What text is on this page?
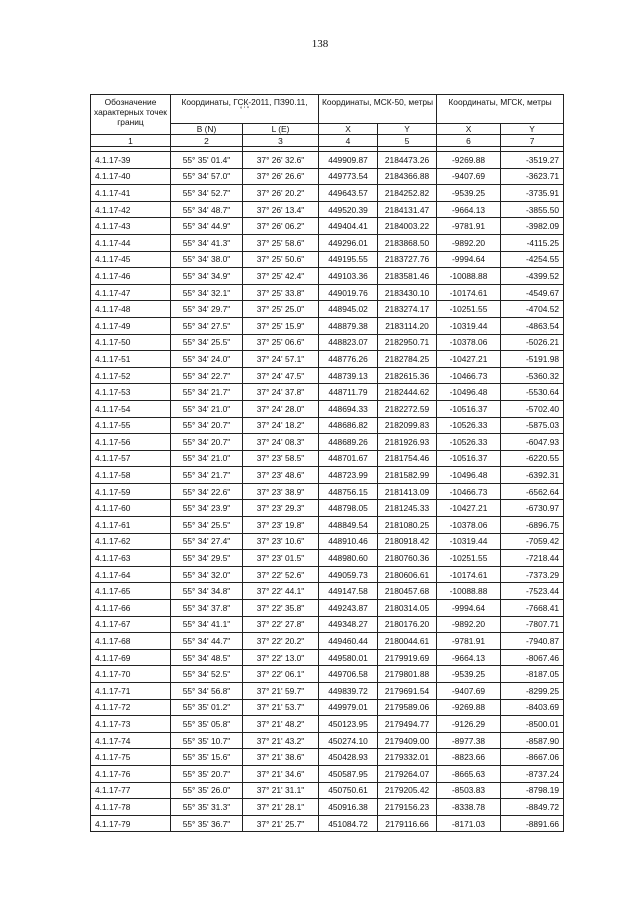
138
Обозначение характерных точек границ	Координаты, ГСК-2011, ПЗ90.11,
° ' "		Координаты, МСК-50, метры		Координаты, МГСК, метры	
	B (N)	L (E)	X	Y	X	Y
1	2	3	4	5	6	7

4.1.17-39	55° 35' 01.4"	37° 26' 32.6"	449909.87	2184473.26	-9269.88	-3519.27
4.1.17-40	55° 34' 57.0"	37° 26' 26.6"	449773.54	2184366.88	-9407.69	-3623.71
4.1.17-41	55° 34' 52.7"	37° 26' 20.2"	449643.57	2184252.82	-9539.25	-3735.91
4.1.17-42	55° 34' 48.7"	37° 26' 13.4"	449520.39	2184131.47	-9664.13	-3855.50
4.1.17-43	55° 34' 44.9"	37° 26' 06.2"	449404.41	2184003.22	-9781.91	-3982.09
4.1.17-44	55° 34' 41.3"	37° 25' 58.6"	449296.01	2183868.50	-9892.20	-4115.25
4.1.17-45	55° 34' 38.0"	37° 25' 50.6"	449195.55	2183727.76	-9994.64	-4254.55
4.1.17-46	55° 34' 34.9"	37° 25' 42.4"	449103.36	2183581.46	-10088.88	-4399.52
4.1.17-47	55° 34' 32.1"	37° 25' 33.8"	449019.76	2183430.10	-10174.61	-4549.67
4.1.17-48	55° 34' 29.7"	37° 25' 25.0"	448945.02	2183274.17	-10251.55	-4704.52
4.1.17-49	55° 34' 27.5"	37° 25' 15.9"	448879.38	2183114.20	-10319.44	-4863.54
4.1.17-50	55° 34' 25.5"	37° 25' 06.6"	448823.07	2182950.71	-10378.06	-5026.21
4.1.17-51	55° 34' 24.0"	37° 24' 57.1"	448776.26	2182784.25	-10427.21	-5191.98
4.1.17-52	55° 34' 22.7"	37° 24' 47.5"	448739.13	2182615.36	-10466.73	-5360.32
4.1.17-53	55° 34' 21.7"	37° 24' 37.8"	448711.79	2182444.62	-10496.48	-5530.64
4.1.17-54	55° 34' 21.0"	37° 24' 28.0"	448694.33	2182272.59	-10516.37	-5702.40
4.1.17-55	55° 34' 20.7"	37° 24' 18.2"	448686.82	2182099.83	-10526.33	-5875.03
4.1.17-56	55° 34' 20.7"	37° 24' 08.3"	448689.26	2181926.93	-10526.33	-6047.93
4.1.17-57	55° 34' 21.0"	37° 23' 58.5"	448701.67	2181754.46	-10516.37	-6220.55
4.1.17-58	55° 34' 21.7"	37° 23' 48.6"	448723.99	2181582.99	-10496.48	-6392.31
4.1.17-59	55° 34' 22.6"	37° 23' 38.9"	448756.15	2181413.09	-10466.73	-6562.64
4.1.17-60	55° 34' 23.9"	37° 23' 29.3"	448798.05	2181245.33	-10427.21	-6730.97
4.1.17-61	55° 34' 25.5"	37° 23' 19.8"	448849.54	2181080.25	-10378.06	-6896.75
4.1.17-62	55° 34' 27.4"	37° 23' 10.6"	448910.46	2180918.42	-10319.44	-7059.42
4.1.17-63	55° 34' 29.5"	37° 23' 01.5"	448980.60	2180760.36	-10251.55	-7218.44
4.1.17-64	55° 34' 32.0"	37° 22' 52.6"	449059.73	2180606.61	-10174.61	-7373.29
4.1.17-65	55° 34' 34.8"	37° 22' 44.1"	449147.58	2180457.68	-10088.88	-7523.44
4.1.17-66	55° 34' 37.8"	37° 22' 35.8"	449243.87	2180314.05	-9994.64	-7668.41
4.1.17-67	55° 34' 41.1"	37° 22' 27.8"	449348.27	2180176.20	-9892.20	-7807.71
4.1.17-68	55° 34' 44.7"	37° 22' 20.2"	449460.44	2180044.61	-9781.91	-7940.87
4.1.17-69	55° 34' 48.5"	37° 22' 13.0"	449580.01	2179919.69	-9664.13	-8067.46
4.1.17-70	55° 34' 52.5"	37° 22' 06.1"	449706.58	2179801.88	-9539.25	-8187.05
4.1.17-71	55° 34' 56.8"	37° 21' 59.7"	449839.72	2179691.54	-9407.69	-8299.25
4.1.17-72	55° 35' 01.2"	37° 21' 53.7"	449979.01	2179589.06	-9269.88	-8403.69
4.1.17-73	55° 35' 05.8"	37° 21' 48.2"	450123.95	2179494.77	-9126.29	-8500.01
4.1.17-74	55° 35' 10.7"	37° 21' 43.2"	450274.10	2179409.00	-8977.38	-8587.90
4.1.17-75	55° 35' 15.6"	37° 21' 38.6"	450428.93	2179332.01	-8823.66	-8667.06
4.1.17-76	55° 35' 20.7"	37° 21' 34.6"	450587.95	2179264.07	-8665.63	-8737.24
4.1.17-77	55° 35' 26.0"	37° 21' 31.1"	450750.61	2179205.42	-8503.83	-8798.19
4.1.17-78	55° 35' 31.3"	37° 21' 28.1"	450916.38	2179156.23	-8338.78	-8849.72
4.1.17-79	55° 35' 36.7"	37° 21' 25.7"	451084.72	2179116.66	-8171.03	-8891.66
